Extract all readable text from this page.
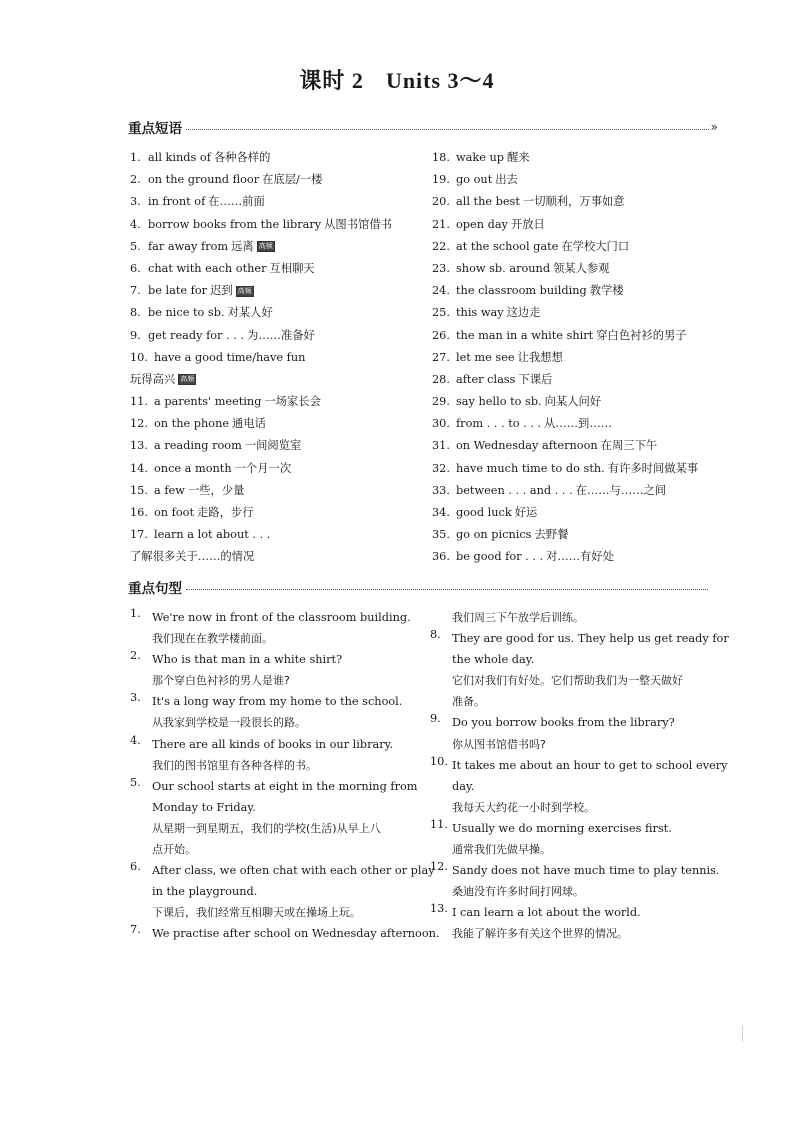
课时 2 Units 3～4
重点短语	»
1. all kinds of 各种各样的
2. on the ground floor 在底层/一楼
3. in front of 在……前面
4. borrow books from the library 从图书馆借书
5. far away from 远离 高频
6. chat with each other 互相聊天
7. be late for 迟到 高频
8. be nice to sb. 对某人好
9. get ready for . . . 为……准备好
10. have a good time/have fun
玩得高兴 高频
11. a parents' meeting 一场家长会
12. on the phone 通电话
13. a reading room 一间阅览室
14. once a month 一个月一次
15. a few 一些，少量
16. on foot 走路，步行
17. learn a lot about . . .
了解很多关于……的情况
18. wake up 醒来
19. go out 出去
20. all the best 一切顺利，万事如意
21. open day 开放日
22. at the school gate 在学校大门口
23. show sb. around 领某人参观
24. the classroom building 教学楼
25. this way 这边走
26. the man in a white shirt 穿白色衬衫的男子
27. let me see 让我想想
28. after class 下课后
29. say hello to sb. 向某人问好
30. from . . . to . . . 从……到……
31. on Wednesday afternoon 在周三下午
32. have much time to do sth. 有许多时间做某事
33. between . . . and . . . 在……与……之间
34. good luck 好运
35. go on picnics 去野餐
36. be good for . . . 对……有好处
重点句型
1. We're now in front of the classroom building.
我们现在在教学楼前面。
2. Who is that man in a white shirt?
那个穿白色衬衫的男人是谁?
3. It's a long way from my home to the school.
从我家到学校是一段很长的路。
4. There are all kinds of books in our library.
我们的图书馆里有各种各样的书。
5. Our school starts at eight in the morning from
Monday to Friday.
从星期一到星期五，我们的学校(生活)从早上八
点开始。
6. After class, we often chat with each other or play
in the playground.
下课后，我们经常互相聊天或在操场上玩。
7. We practise after school on Wednesday afternoon.
我们周三下午放学后训练。
8. They are good for us. They help us get ready for
the whole day.
它们对我们有好处。它们帮助我们为一整天做好
准备。
9. Do you borrow books from the library?
你从图书馆借书吗?
10. It takes me about an hour to get to school every
day.
我每天大约花一小时到学校。
11. Usually we do morning exercises first.
通常我们先做早操。
12. Sandy does not have much time to play tennis.
桑迪没有许多时间打网球。
13. I can learn a lot about the world.
我能了解许多有关这个世界的情况。
